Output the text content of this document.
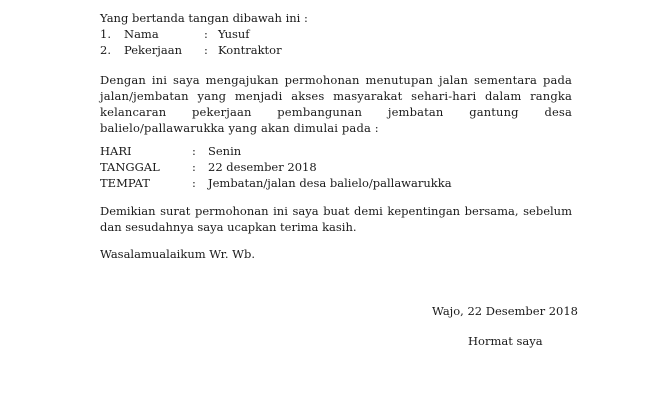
Yang bertanda tangan dibawah ini :
1. Nama	: Yusuf
2. Pekerjaan : Kontraktor
Dengan ini saya mengajukan permohonan menutupan jalan sementara pada jalan/jembatan yang menjadi akses masyarakat sehari-hari dalam rangka kelancaran pekerjaan pembangunan jembatan gantung desa balielo/pallawarukka yang akan dimulai pada :
HARI	: Senin
TANGGAL	: 22 desember 2018
TEMPAT	: Jembatan/jalan desa balielo/pallawarukka
Demikian surat permohonan ini saya buat demi kepentingan bersama, sebelum dan sesudahnya saya ucapkan terima kasih.
Wasalamualaikum Wr. Wb.
Wajo, 22 Desember 2018
Hormat saya
